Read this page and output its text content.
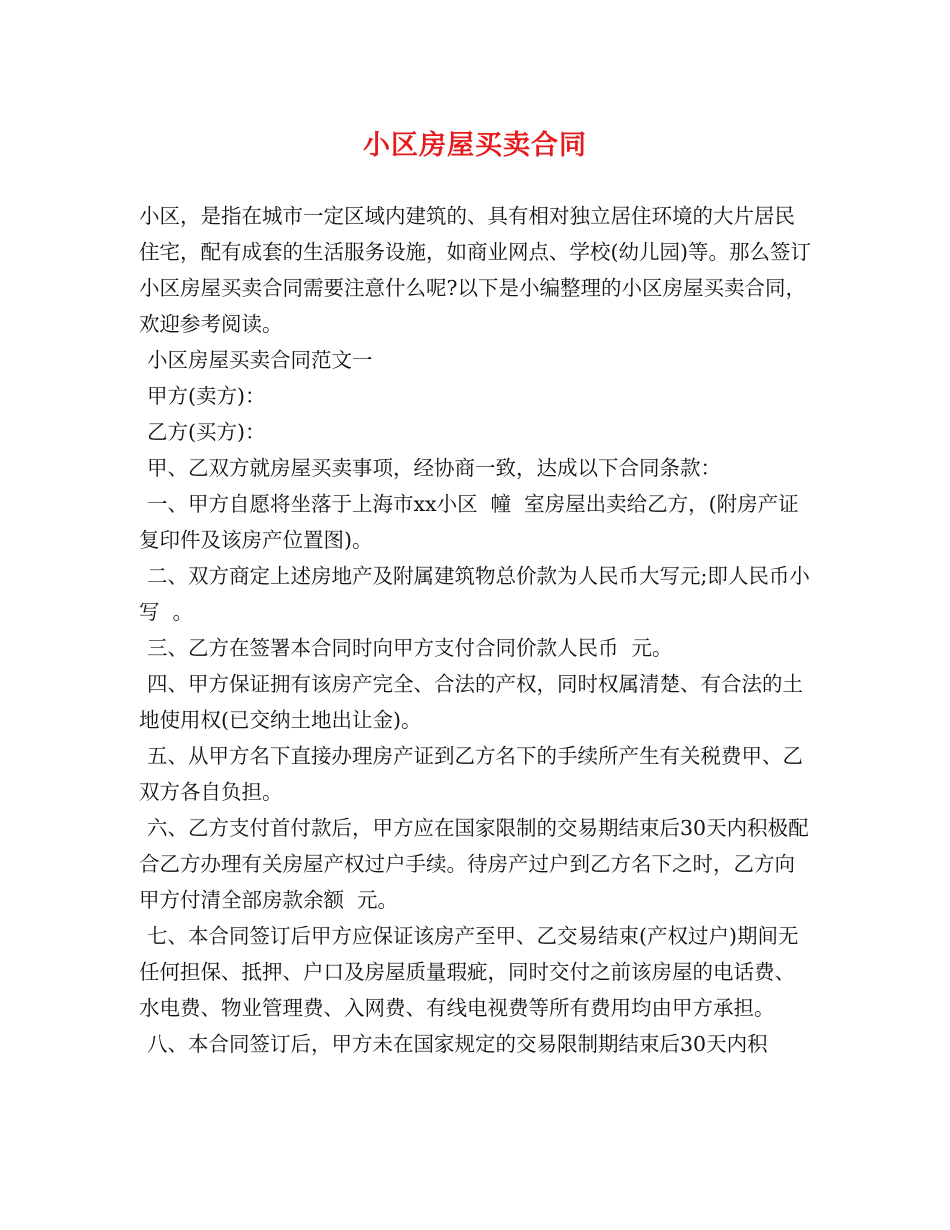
小区房屋买卖合同

小区，是指在城市一定区域内建筑的、具有相对独立居住环境的大片居民住宅，配有成套的生活服务设施，如商业网点、学校(幼儿园)等。那么签订小区房屋买卖合同需要注意什么呢?以下是小编整理的小区房屋买卖合同，欢迎参考阅读。

小区房屋买卖合同范文一

甲方(卖方)：

乙方(买方)：

甲、乙双方就房屋买卖事项，经协商一致，达成以下合同条款：

一、甲方自愿将坐落于上海市xx小区  幢  室房屋出卖给乙方，(附房产证复印件及该房产位置图)。

二、双方商定上述房地产及附属建筑物总价款为人民币大写元;即人民币小写  。

三、乙方在签署本合同时向甲方支付合同价款人民币  元。

四、甲方保证拥有该房产完全、合法的产权，同时权属清楚、有合法的土地使用权(已交纳土地出让金)。

五、从甲方名下直接办理房产证到乙方名下的手续所产生有关税费甲、乙双方各自负担。

六、乙方支付首付款后，甲方应在国家限制的交易期结束后30天内积极配合乙方办理有关房屋产权过户手续。待房产过户到乙方名下之时，乙方向甲方付清全部房款余额  元。

七、本合同签订后甲方应保证该房产至甲、乙交易结束(产权过户)期间无任何担保、抵押、户口及房屋质量瑕疵，同时交付之前该房屋的电话费、水电费、物业管理费、入网费、有线电视费等所有费用均由甲方承担。

八、本合同签订后，甲方未在国家规定的交易限制期结束后30天内积
